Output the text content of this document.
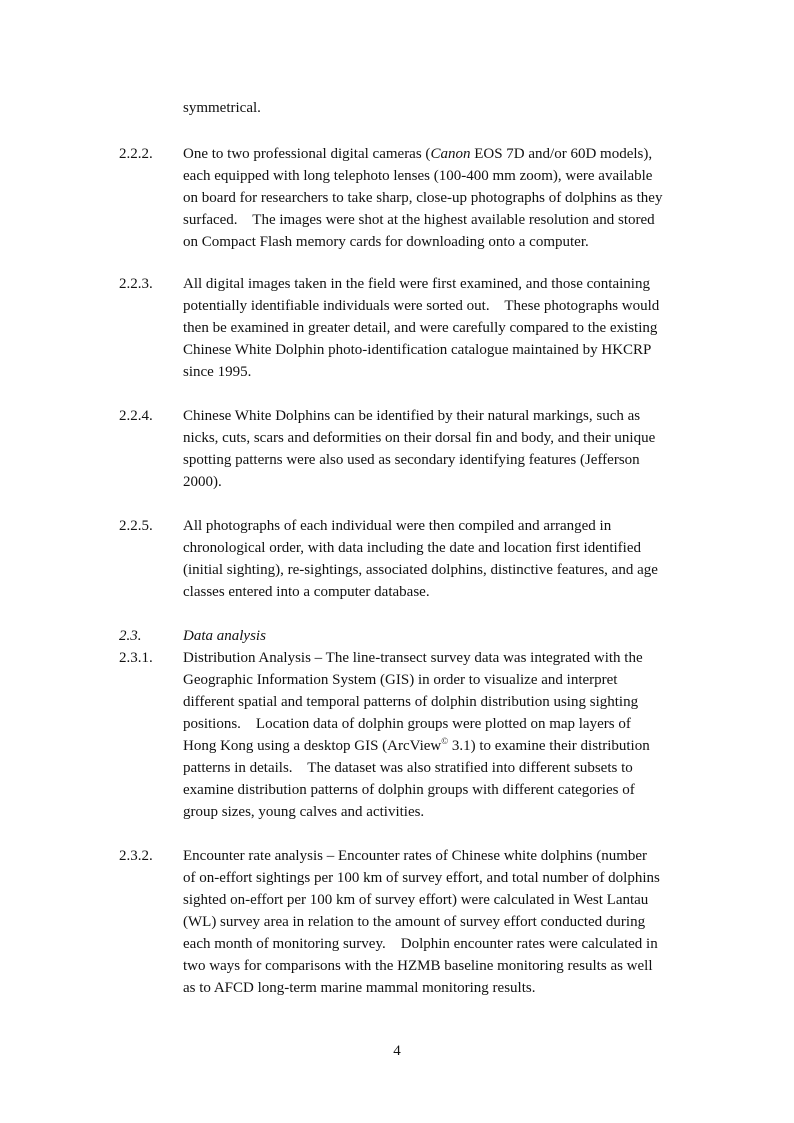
symmetrical.
2.2.2. One to two professional digital cameras (Canon EOS 7D and/or 60D models),
each equipped with long telephoto lenses (100-400 mm zoom), were available
on board for researchers to take sharp, close-up photographs of dolphins as they
surfaced.    The images were shot at the highest available resolution and stored
on Compact Flash memory cards for downloading onto a computer.
2.2.3. All digital images taken in the field were first examined, and those containing
potentially identifiable individuals were sorted out.    These photographs would
then be examined in greater detail, and were carefully compared to the existing
Chinese White Dolphin photo-identification catalogue maintained by HKCRP
since 1995.
2.2.4. Chinese White Dolphins can be identified by their natural markings, such as
nicks, cuts, scars and deformities on their dorsal fin and body, and their unique
spotting patterns were also used as secondary identifying features (Jefferson
2000).
2.2.5. All photographs of each individual were then compiled and arranged in
chronological order, with data including the date and location first identified
(initial sighting), re-sightings, associated dolphins, distinctive features, and age
classes entered into a computer database.
2.3.	Data analysis
2.3.1. Distribution Analysis – The line-transect survey data was integrated with the
Geographic Information System (GIS) in order to visualize and interpret
different spatial and temporal patterns of dolphin distribution using sighting
positions.    Location data of dolphin groups were plotted on map layers of
Hong Kong using a desktop GIS (ArcView© 3.1) to examine their distribution
patterns in details.    The dataset was also stratified into different subsets to
examine distribution patterns of dolphin groups with different categories of
group sizes, young calves and activities.
2.3.2. Encounter rate analysis – Encounter rates of Chinese white dolphins (number
of on-effort sightings per 100 km of survey effort, and total number of dolphins
sighted on-effort per 100 km of survey effort) were calculated in West Lantau
(WL) survey area in relation to the amount of survey effort conducted during
each month of monitoring survey.    Dolphin encounter rates were calculated in
two ways for comparisons with the HZMB baseline monitoring results as well
as to AFCD long-term marine mammal monitoring results.
4
